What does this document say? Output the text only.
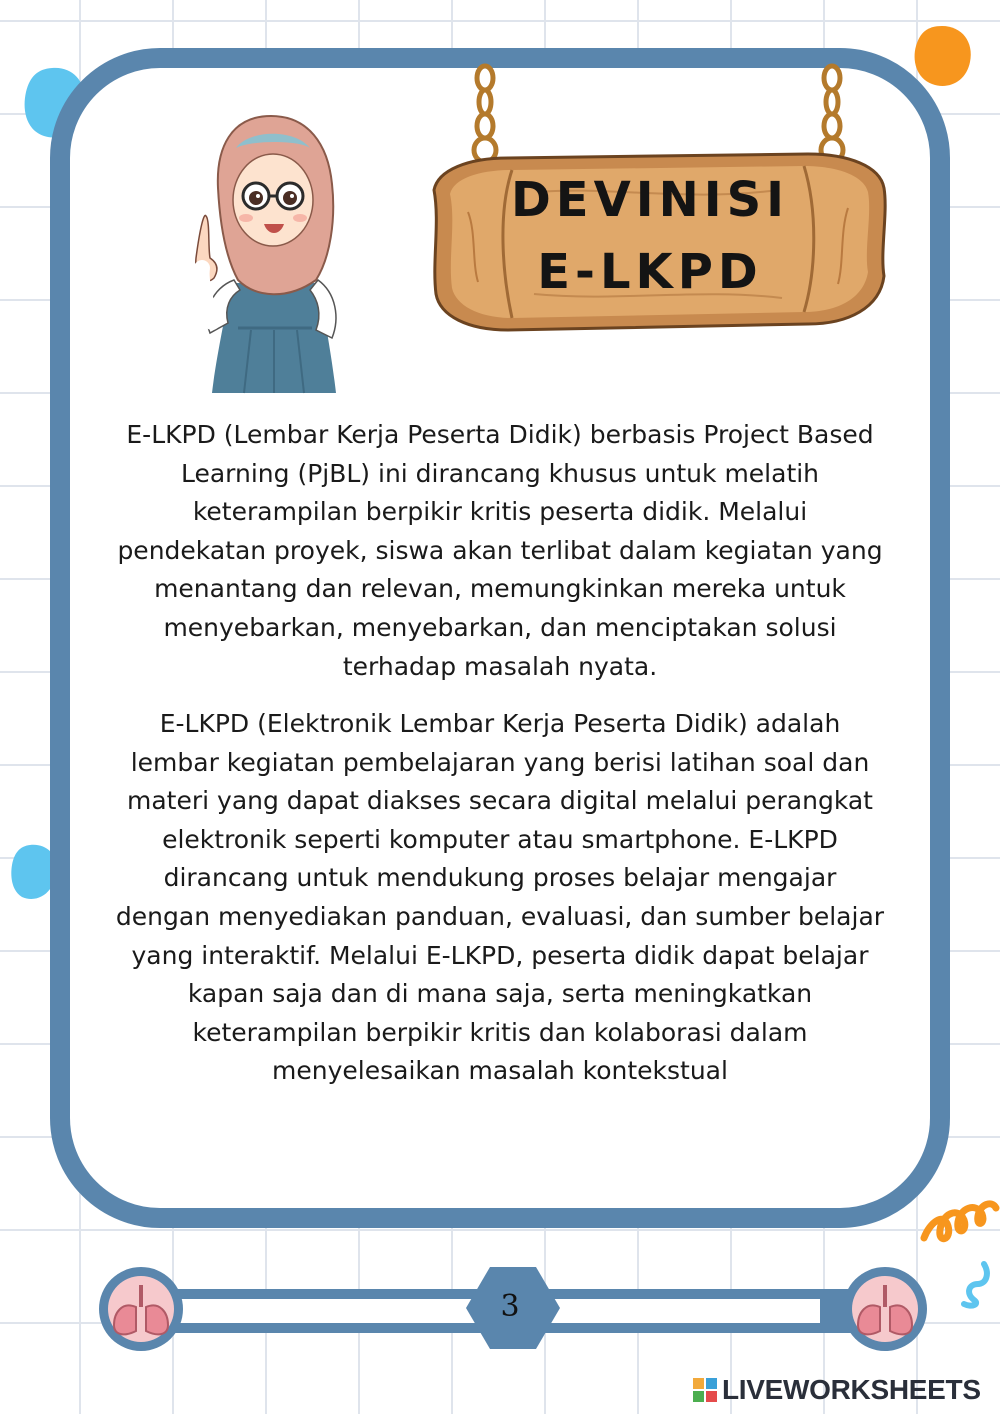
DEVINISI
E-LKPD

E-LKPD (Lembar Kerja Peserta Didik) berbasis Project Based Learning (PjBL) ini dirancang khusus untuk melatih keterampilan berpikir kritis peserta didik. Melalui pendekatan proyek, siswa akan terlibat dalam kegiatan yang menantang dan relevan, memungkinkan mereka untuk menyebarkan, menyebarkan, dan menciptakan solusi terhadap masalah nyata.

E-LKPD (Elektronik Lembar Kerja Peserta Didik) adalah lembar kegiatan pembelajaran yang berisi latihan soal dan materi yang dapat diakses secara digital melalui perangkat elektronik seperti komputer atau smartphone. E-LKPD dirancang untuk mendukung proses belajar mengajar dengan menyediakan panduan, evaluasi, dan sumber belajar yang interaktif. Melalui E-LKPD, peserta didik dapat belajar kapan saja dan di mana saja, serta meningkatkan keterampilan berpikir kritis dan kolaborasi dalam menyelesaikan masalah kontekstual

3
LIVEWORKSHEETS
